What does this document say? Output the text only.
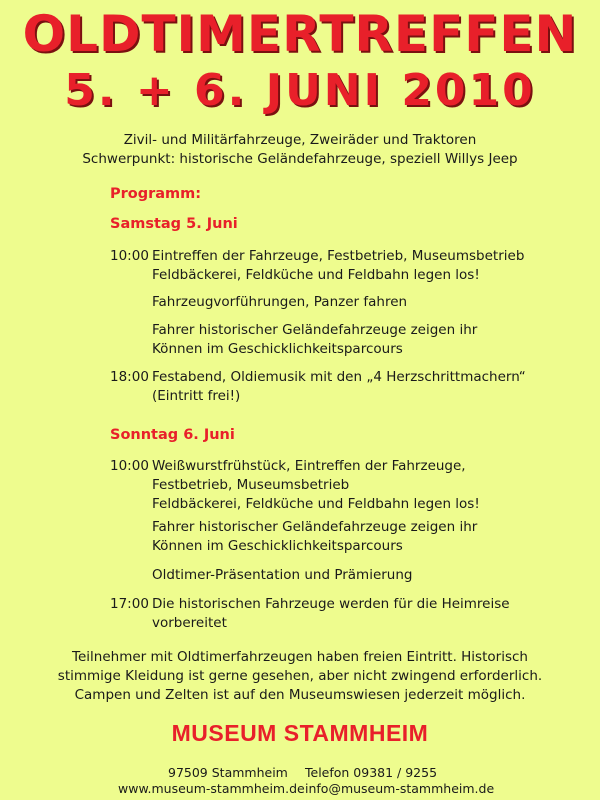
OLDTIMERTREFFEN
5. + 6. JUNI 2010
Zivil- und Militärfahrzeuge, Zweiräder und Traktoren
Schwerpunkt: historische Geländefahrzeuge, speziell Willys Jeep
Programm:
Samstag 5. Juni
10:00 Eintreffen der Fahrzeuge, Festbetrieb, Museumsbetrieb
Feldbäckerei, Feldküche und Feldbahn legen los!
Fahrzeugvorführungen, Panzer fahren
Fahrer historischer Geländefahrzeuge zeigen ihr
Können im Geschicklichkeitsparcours
18:00 Festabend, Oldiemusik mit den „4 Herzschrittmachern“
(Eintritt frei!)
Sonntag 6. Juni
10:00 Weißwurstfrühstück, Eintreffen der Fahrzeuge,
Festbetrieb, Museumsbetrieb
Feldbäckerei, Feldküche und Feldbahn legen los!
Fahrer historischer Geländefahrzeuge zeigen ihr
Können im Geschicklichkeitsparcours
Oldtimer-Präsentation und Prämierung
17:00 Die historischen Fahrzeuge werden für die Heimreise
vorbereitet
Teilnehmer mit Oldtimerfahrzeugen haben freien Eintritt. Historisch
stimmige Kleidung ist gerne gesehen, aber nicht zwingend erforderlich.
Campen und Zelten ist auf den Museumswiesen jederzeit möglich.
MUSEUM STAMMHEIM
97509 Stammheim Telefon 09381 / 9255
www.museum-stammheim.de info@museum-stammheim.de
